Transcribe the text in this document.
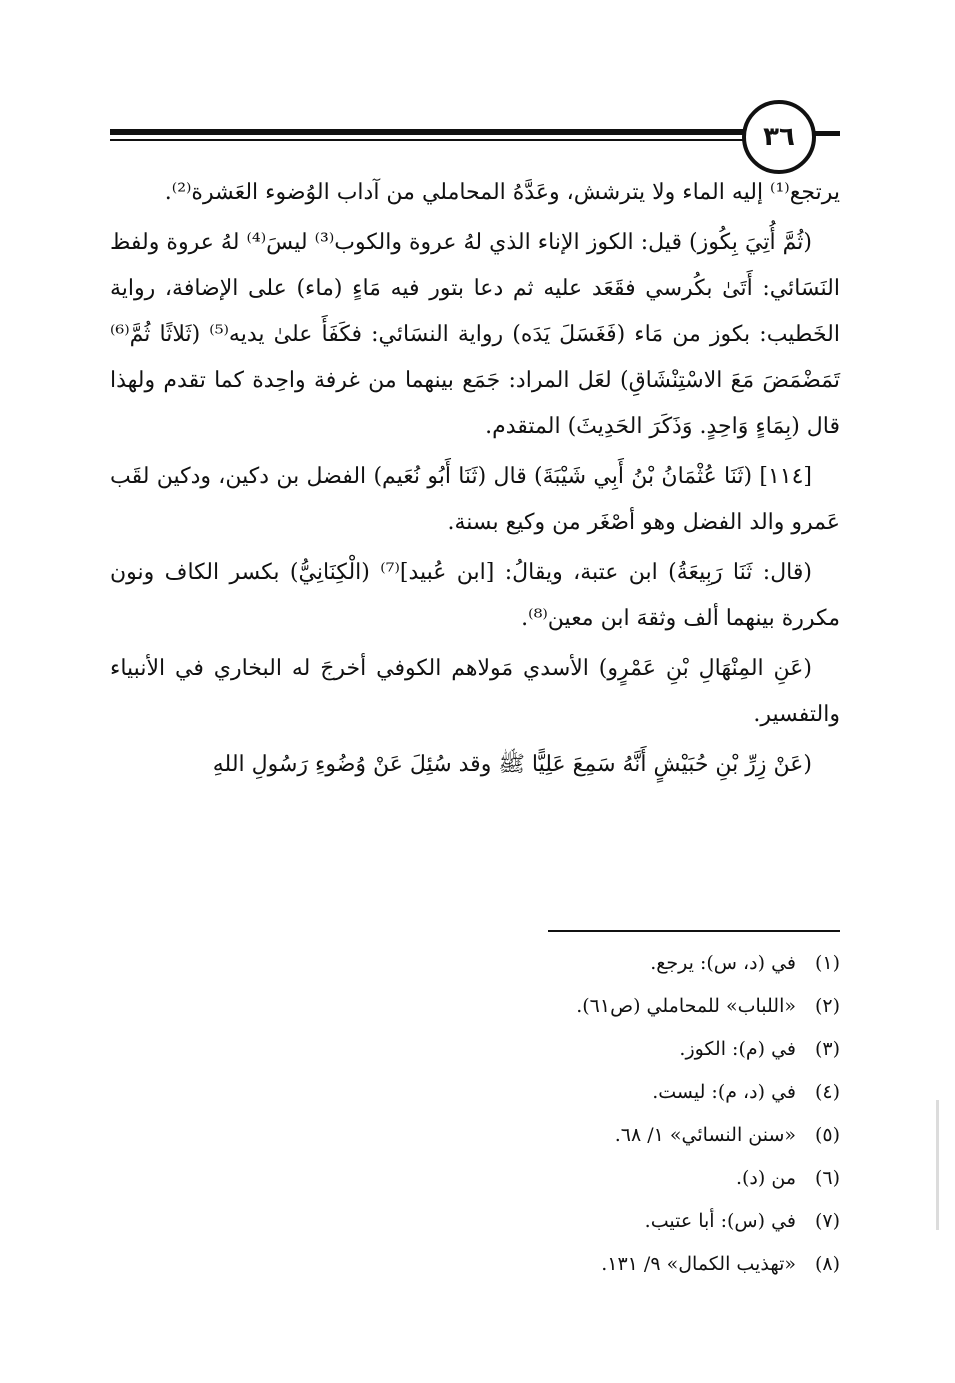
٣٦

يرتجع⁽¹⁾ إليه الماء ولا يترشش، وعَدَّهُ المحاملي من آداب الوُضوء العَشرة⁽²⁾.

(ثُمَّ أُتِيَ بِكُوز) قيل: الكوز الإناء الذي لهُ عروة والكوب⁽³⁾ ليسَ⁽⁴⁾ لهُ عروة ولفظ النَسَائي: أَتَىٰ بكُرسي فقَعَد عليه ثم دعا بتور فيه مَاءٍ (ماء) على الإضافة، رواية الخَطيب: بكوز من مَاء (فَغَسَلَ يَدَه) رواية النسَائي: فكَفَأَ علىٰ يديه⁽⁵⁾ (ثَلاثًا ثُمَّ⁽⁶⁾ تَمَضْمَضَ مَعَ الاسْتِنْشَاقِ) لعَل المراد: جَمَع بينهما من غرفة واحِدة كما تقدم ولهذا قال (بِمَاءٍ وَاحِدٍ. وَذَكَرَ الحَدِيثَ) المتقدم.

[١١٤] (ثَنَا عُثْمَانُ بْنُ أَبِي شَيْبَةَ) قال (ثَنَا أَبُو نُعَيم) الفضل بن دكين، ودكين لقَب عَمرو والد الفضل وهو أصْغَر من وكيع بسنة.

(قال: ثَنَا رَبِيعَةُ) ابن عتبة، ويقالُ: [ابن عُبيد]⁽⁷⁾ (الْكِنَانِيُّ) بكسر الكاف ونون مكررة بينهما ألف وثقهَ ابن معين⁽⁸⁾.

(عَنِ المِنْهَالِ بْنِ عَمْرٍو) الأسدي مَولاهم الكوفي أخرجَ له البخاري في الأنبياء والتفسير.

(عَنْ زِرِّ بْنِ حُبَيْشٍ أَنَّهُ سَمِعَ عَلِيًّا ﷺ وقد سُئِلَ عَنْ وُضُوءِ رَسُولِ اللهِ

(١)في (د، س): يرجع.
(٢)«اللباب» للمحاملي (ص٦١).
(٣)في (م): الكوز.
(٤)في (د، م): ليست.
(٥)«سنن النسائي» ١/ ٦٨.
(٦)من (د).
(٧)في (س): أبا عتيب.
(٨)«تهذيب الكمال» ٩/ ١٣١.
